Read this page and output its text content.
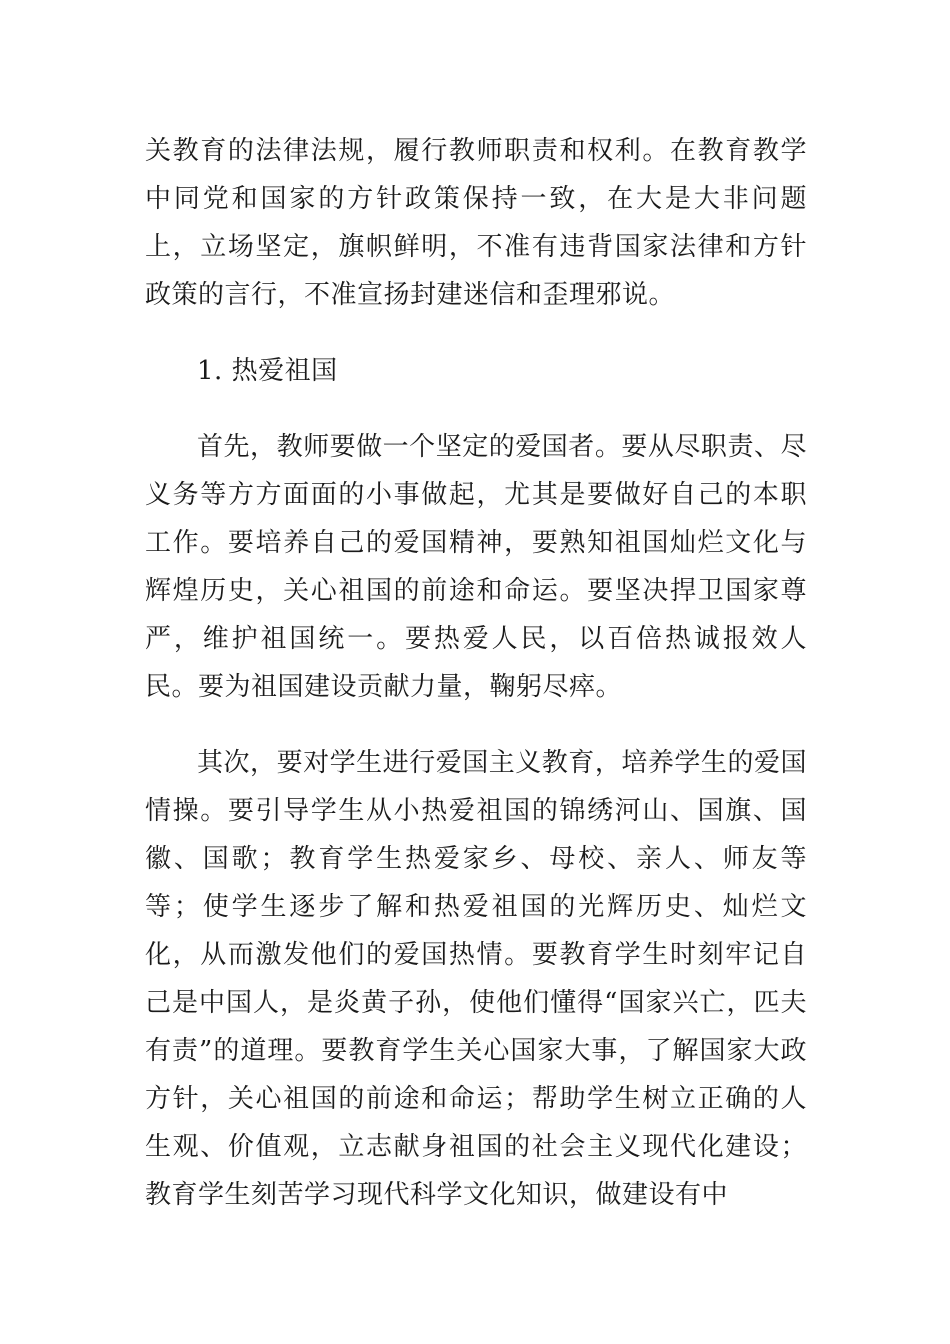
关教育的法律法规，履行教师职责和权利。在教育教学中同党和国家的方针政策保持一致，在大是大非问题上，立场坚定，旗帜鲜明，不准有违背国家法律和方针政策的言行，不准宣扬封建迷信和歪理邪说。

1. 热爱祖国

首先，教师要做一个坚定的爱国者。要从尽职责、尽义务等方方面面的小事做起，尤其是要做好自己的本职工作。要培养自己的爱国精神，要熟知祖国灿烂文化与辉煌历史，关心祖国的前途和命运。要坚决捍卫国家尊严，维护祖国统一。要热爱人民，以百倍热诚报效人民。要为祖国建设贡献力量，鞠躬尽瘁。

其次，要对学生进行爱国主义教育，培养学生的爱国情操。要引导学生从小热爱祖国的锦绣河山、国旗、国徽、国歌；教育学生热爱家乡、母校、亲人、师友等等；使学生逐步了解和热爱祖国的光辉历史、灿烂文化，从而激发他们的爱国热情。要教育学生时刻牢记自己是中国人，是炎黄子孙，使他们懂得“国家兴亡，匹夫有责”的道理。要教育学生关心国家大事，了解国家大政方针，关心祖国的前途和命运；帮助学生树立正确的人生观、价值观，立志献身祖国的社会主义现代化建设；教育学生刻苦学习现代科学文化知识，做建设有中
